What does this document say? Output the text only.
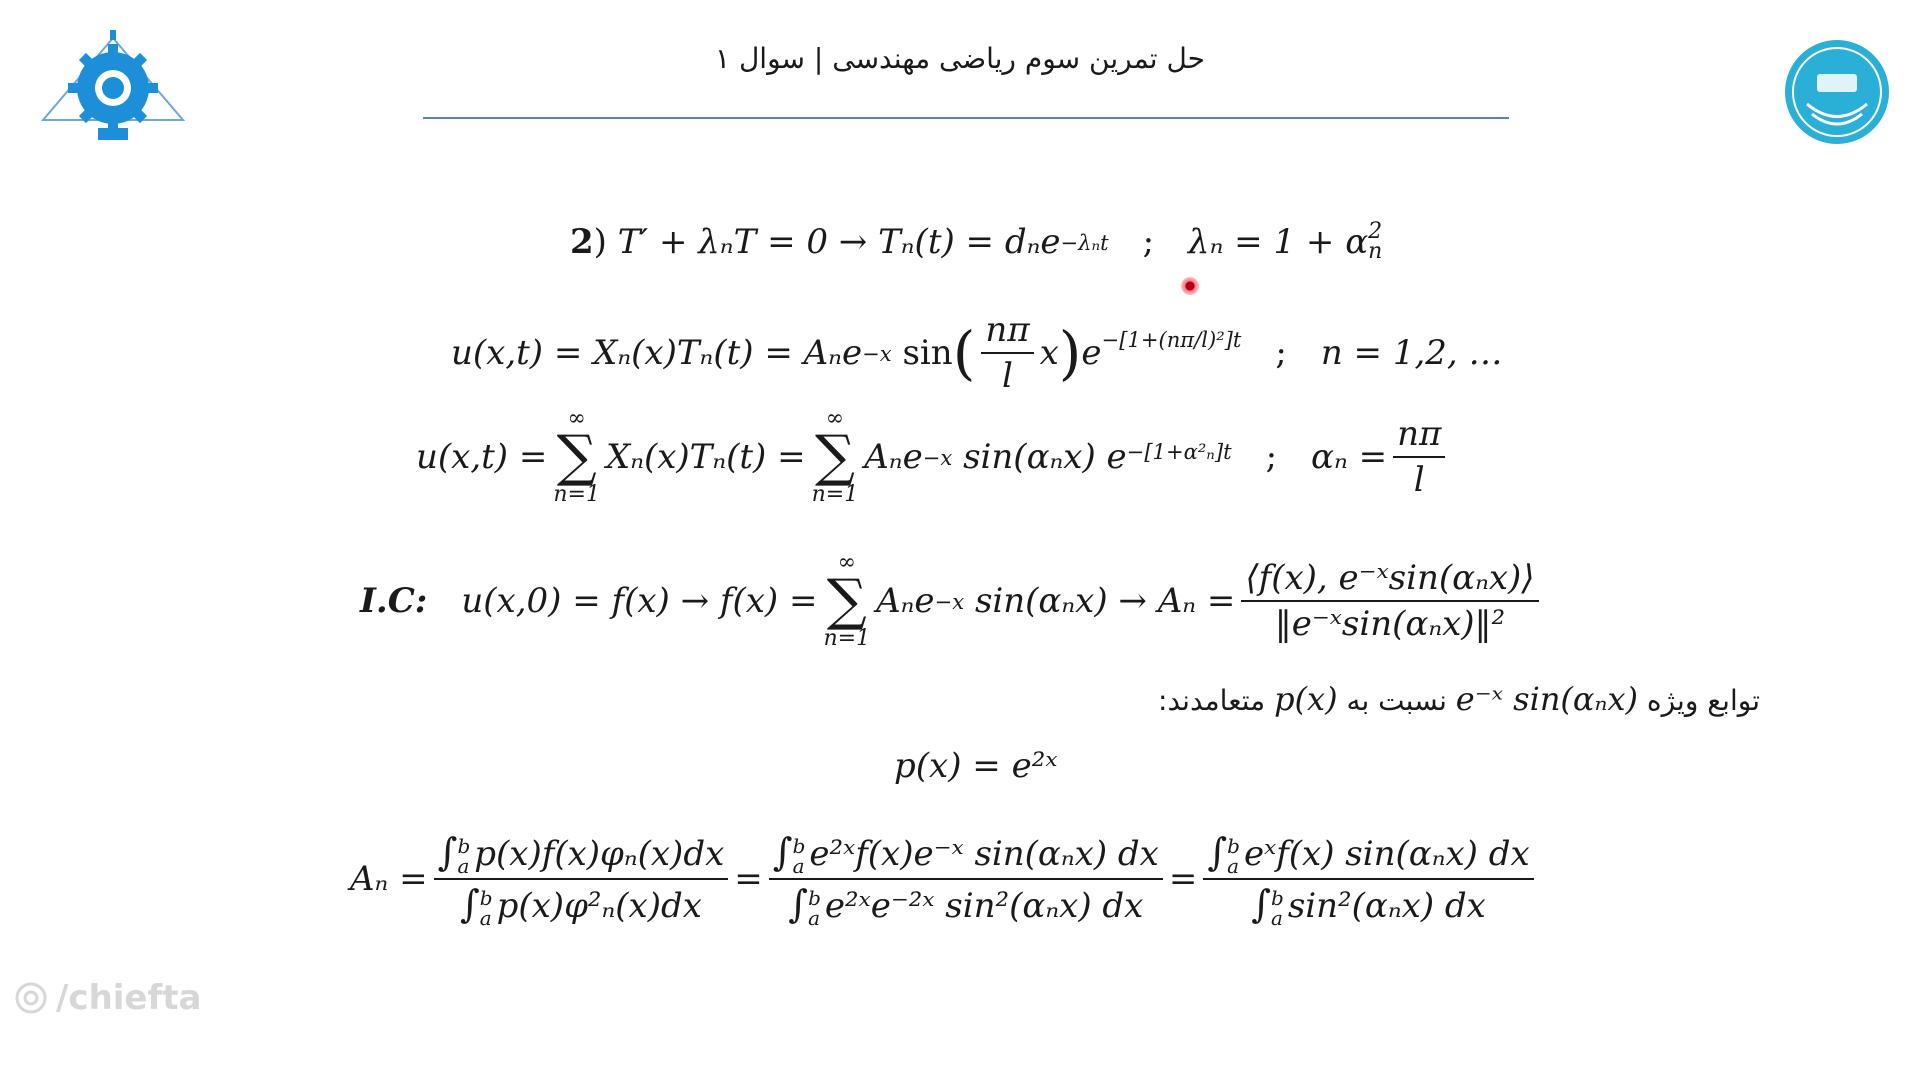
حل تمرین سوم ریاضی مهندسی | سوال ۱
2 ) T′ + λₙT = 0 → Tₙ(t) = dₙe −λₙt ; λₙ = 1 + α 2
n
u(x,t) = Xₙ(x)Tₙ(t) = Aₙe −x
sin ( $\frac{n\pi}{l}$ x ) $e^{-[1+(n\pi/l)^2]t}$ ; n = 1,2, …
u(x,t) =
∞
∑
n=1
Xₙ(x)Tₙ(t) =
∞
∑
n=1
Aₙe −x
sin(αₙx) $e^{-[1+\alpha^2_n]t}$ ; $\alpha_n = \frac{n\pi}{l}$
I.C: u(x,0) = f(x) → f(x) =
∞
∑
n=1
Aₙe −x
$\sin(\alpha_nx) \to A_n = \frac{\text{⟨f(x), e⁻ˣsin(αₙx)⟩}}{\text{‖e⁻ˣsin(αₙx)‖²}}$
توابع ویژه e⁻ˣ sin(αₙx) نسبت به p(x) متعامدند:
p(x) = e²ˣ
Aₙ = ∫ b
a p(x)f(x)φₙ(x)dx
∫ b
a p(x)φ²ₙ(x)dx = ∫ b
a e²ˣf(x)e⁻ˣ sin(αₙx) dx
∫ b
a e²ˣe⁻²ˣ sin²(αₙx) dx = ∫ b
a eˣf(x) sin(αₙx) dx
∫ b
a sin²(αₙx) dx
/chiefta
